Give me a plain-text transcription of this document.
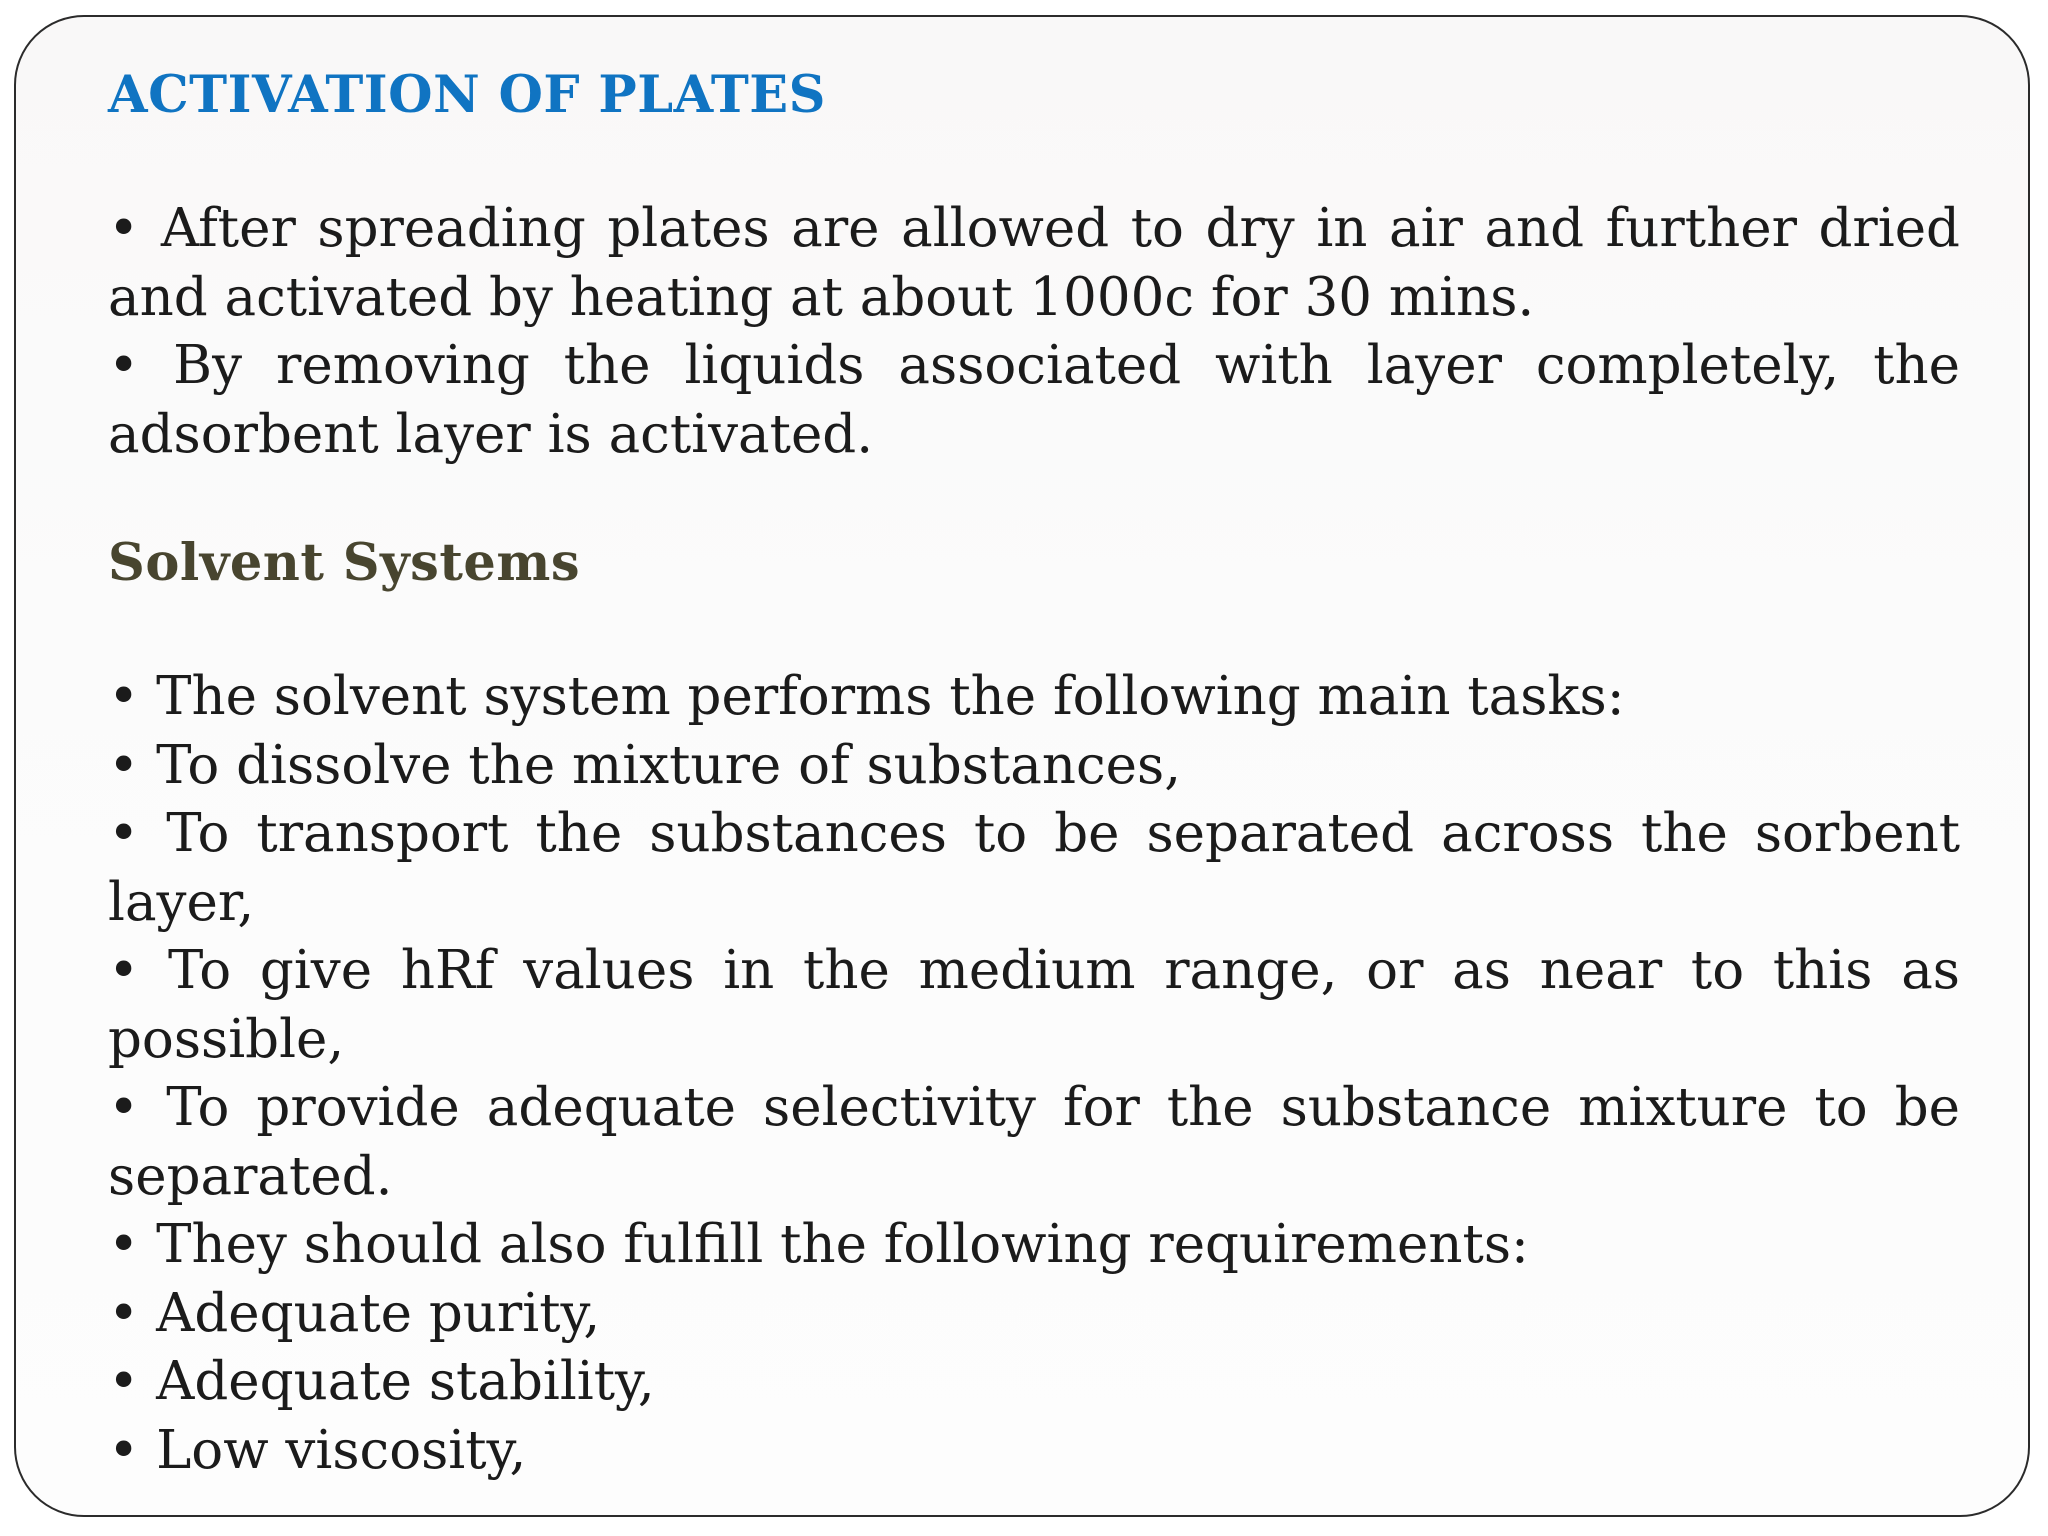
ACTIVATION OF PLATES

• After spreading plates are allowed to dry in air and further dried and activated by heating at about 1000c for 30 mins.

• By removing the liquids associated with layer completely, the adsorbent layer is activated.

Solvent Systems

• The solvent system performs the following main tasks:

• To dissolve the mixture of substances,

• To transport the substances to be separated across the sorbent layer,

• To give hRf values in the medium range, or as near to this as possible,

• To provide adequate selectivity for the substance mixture to be separated.

• They should also fulfill the following requirements:

• Adequate purity,

• Adequate stability,

• Low viscosity,
